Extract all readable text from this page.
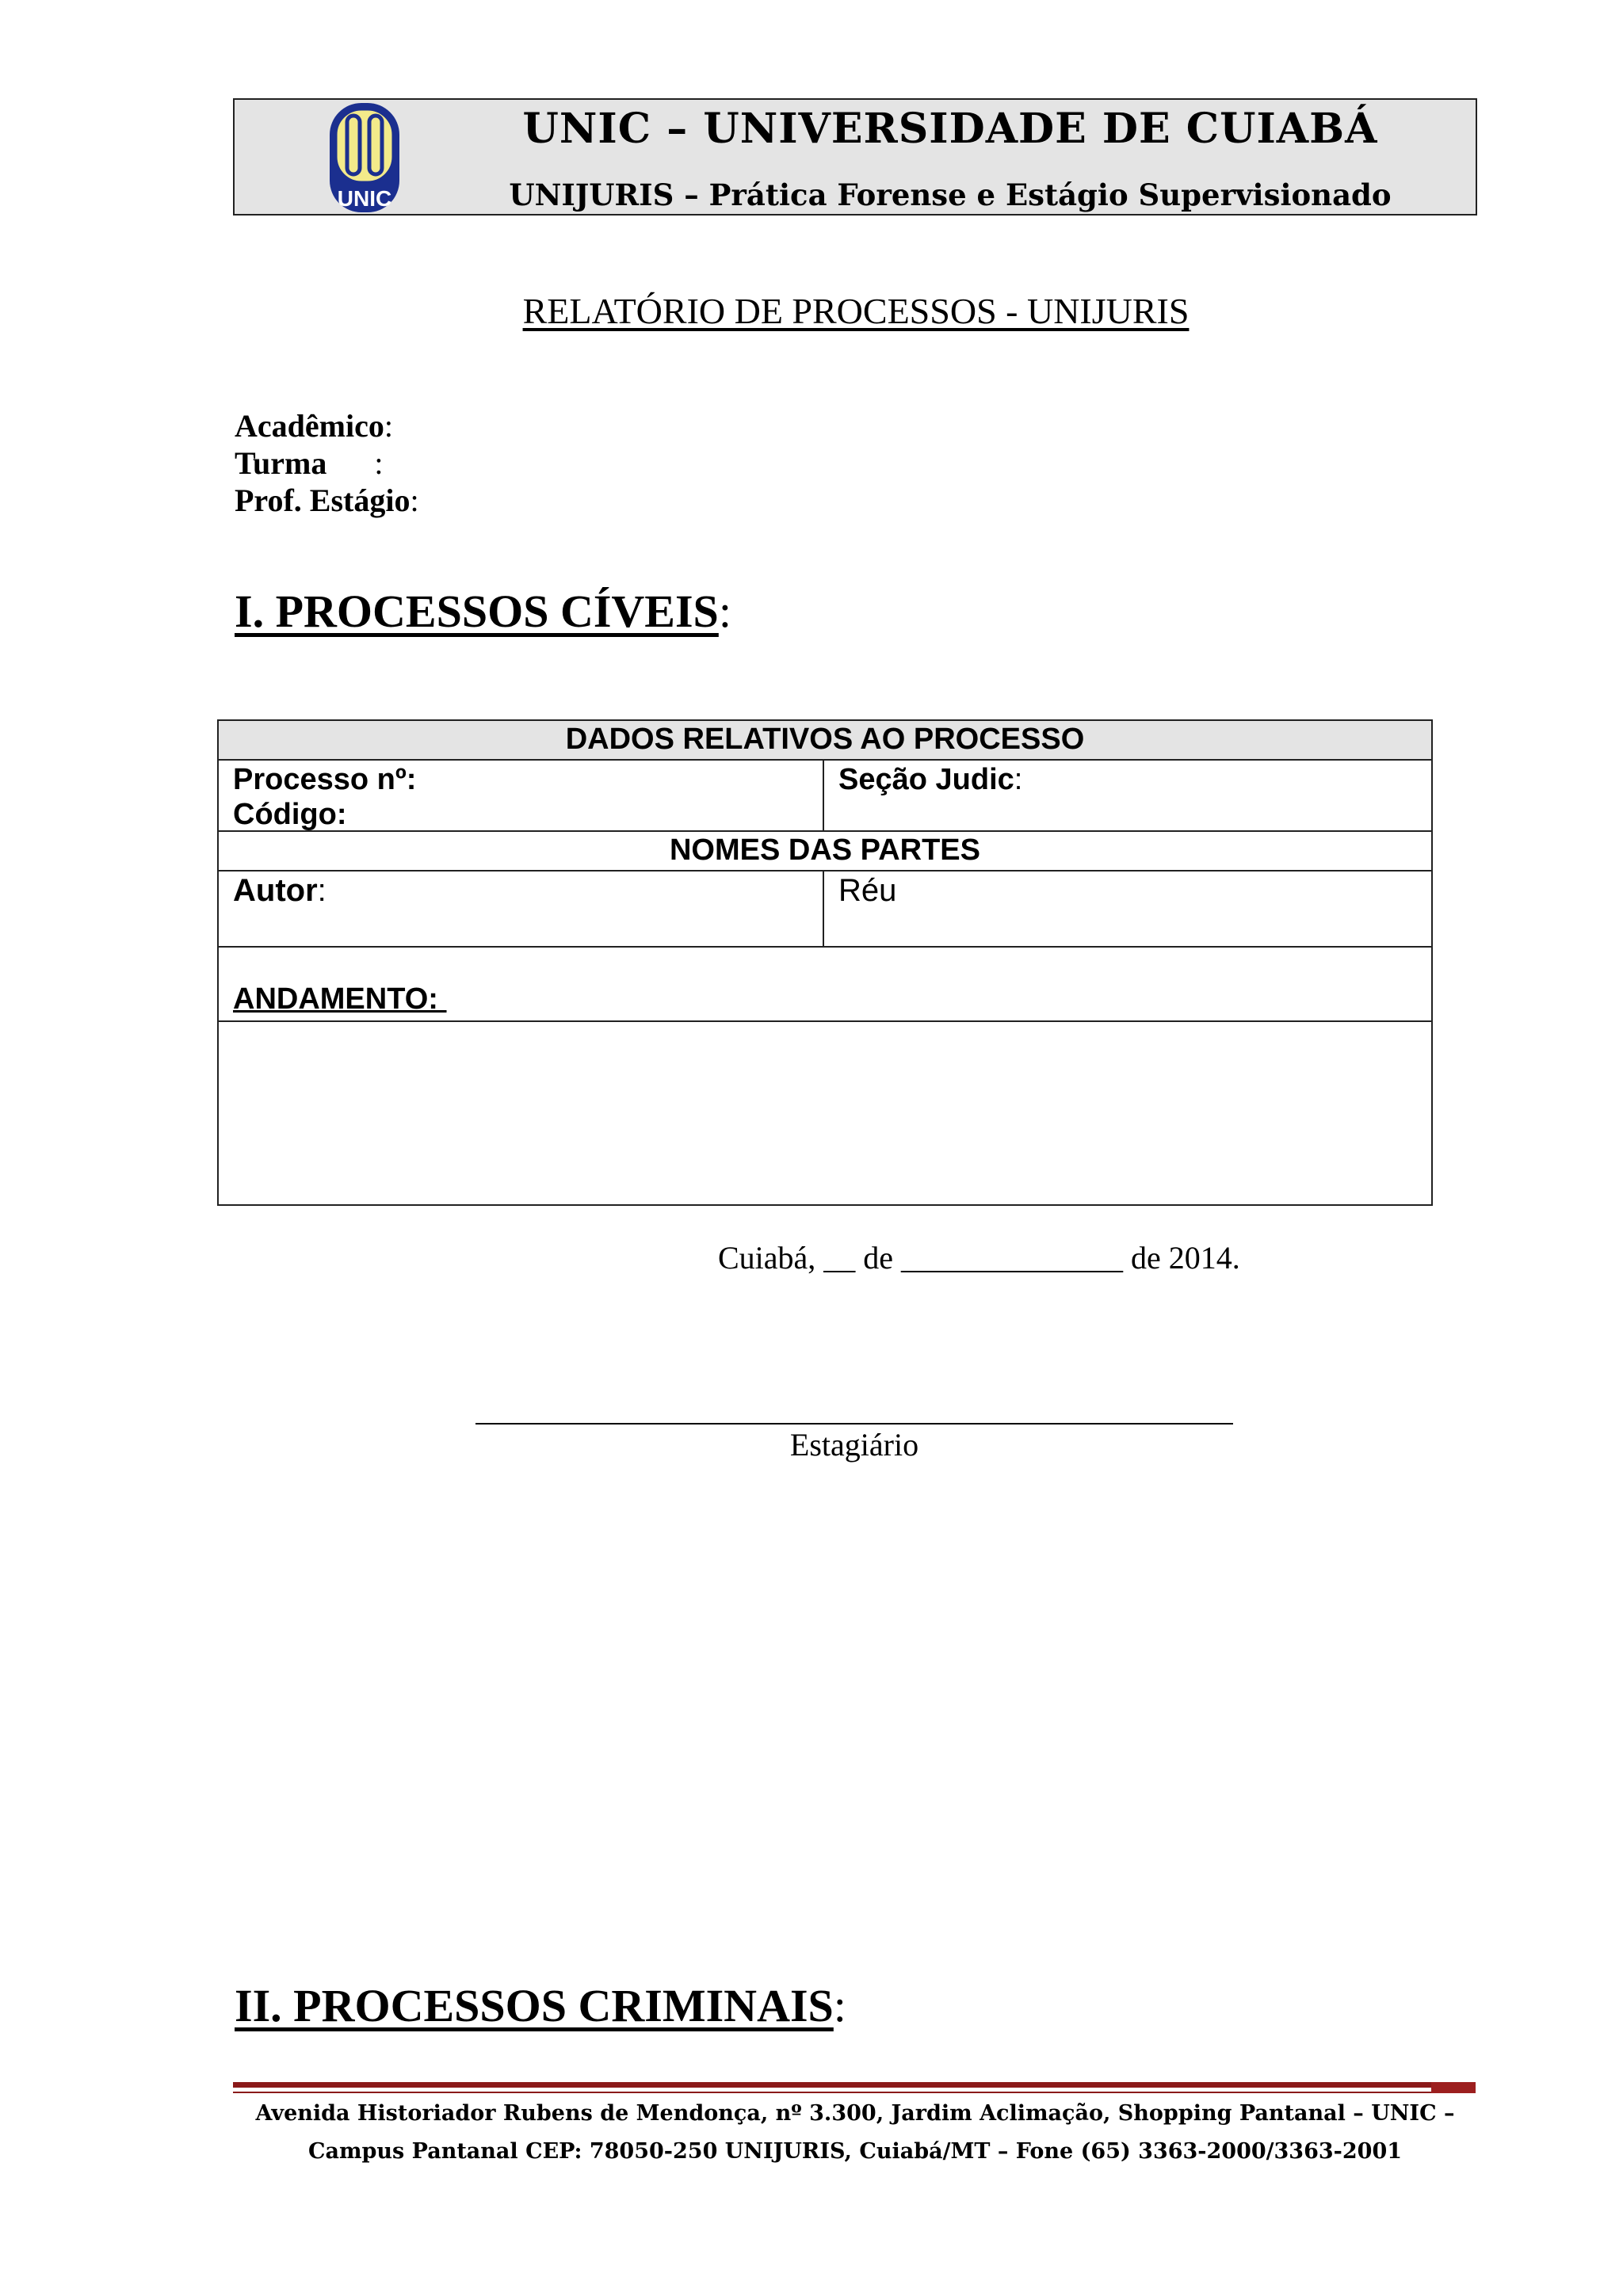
UNIC
UNIC – UNIVERSIDADE DE CUIABÁ
UNIJURIS – Prática Forense e Estágio Supervisionado
RELATÓRIO DE PROCESSOS - UNIJURIS
Acadêmico:
Turma      :
Prof. Estágio:
I. PROCESSOS CÍVEIS:
DADOS RELATIVOS AO PROCESSO
Processo nº:
Código:
Seção Judic:
NOMES DAS PARTES
Autor:	Réu
ANDAMENTO:
Cuiabá, __ de ______________ de 2014.
Estagiário
II. PROCESSOS CRIMINAIS:
Avenida Historiador Rubens de Mendonça, nº 3.300, Jardim Aclimação, Shopping Pantanal – UNIC –
Campus Pantanal CEP: 78050-250 UNIJURIS, Cuiabá/MT – Fone (65) 3363-2000/3363-2001
